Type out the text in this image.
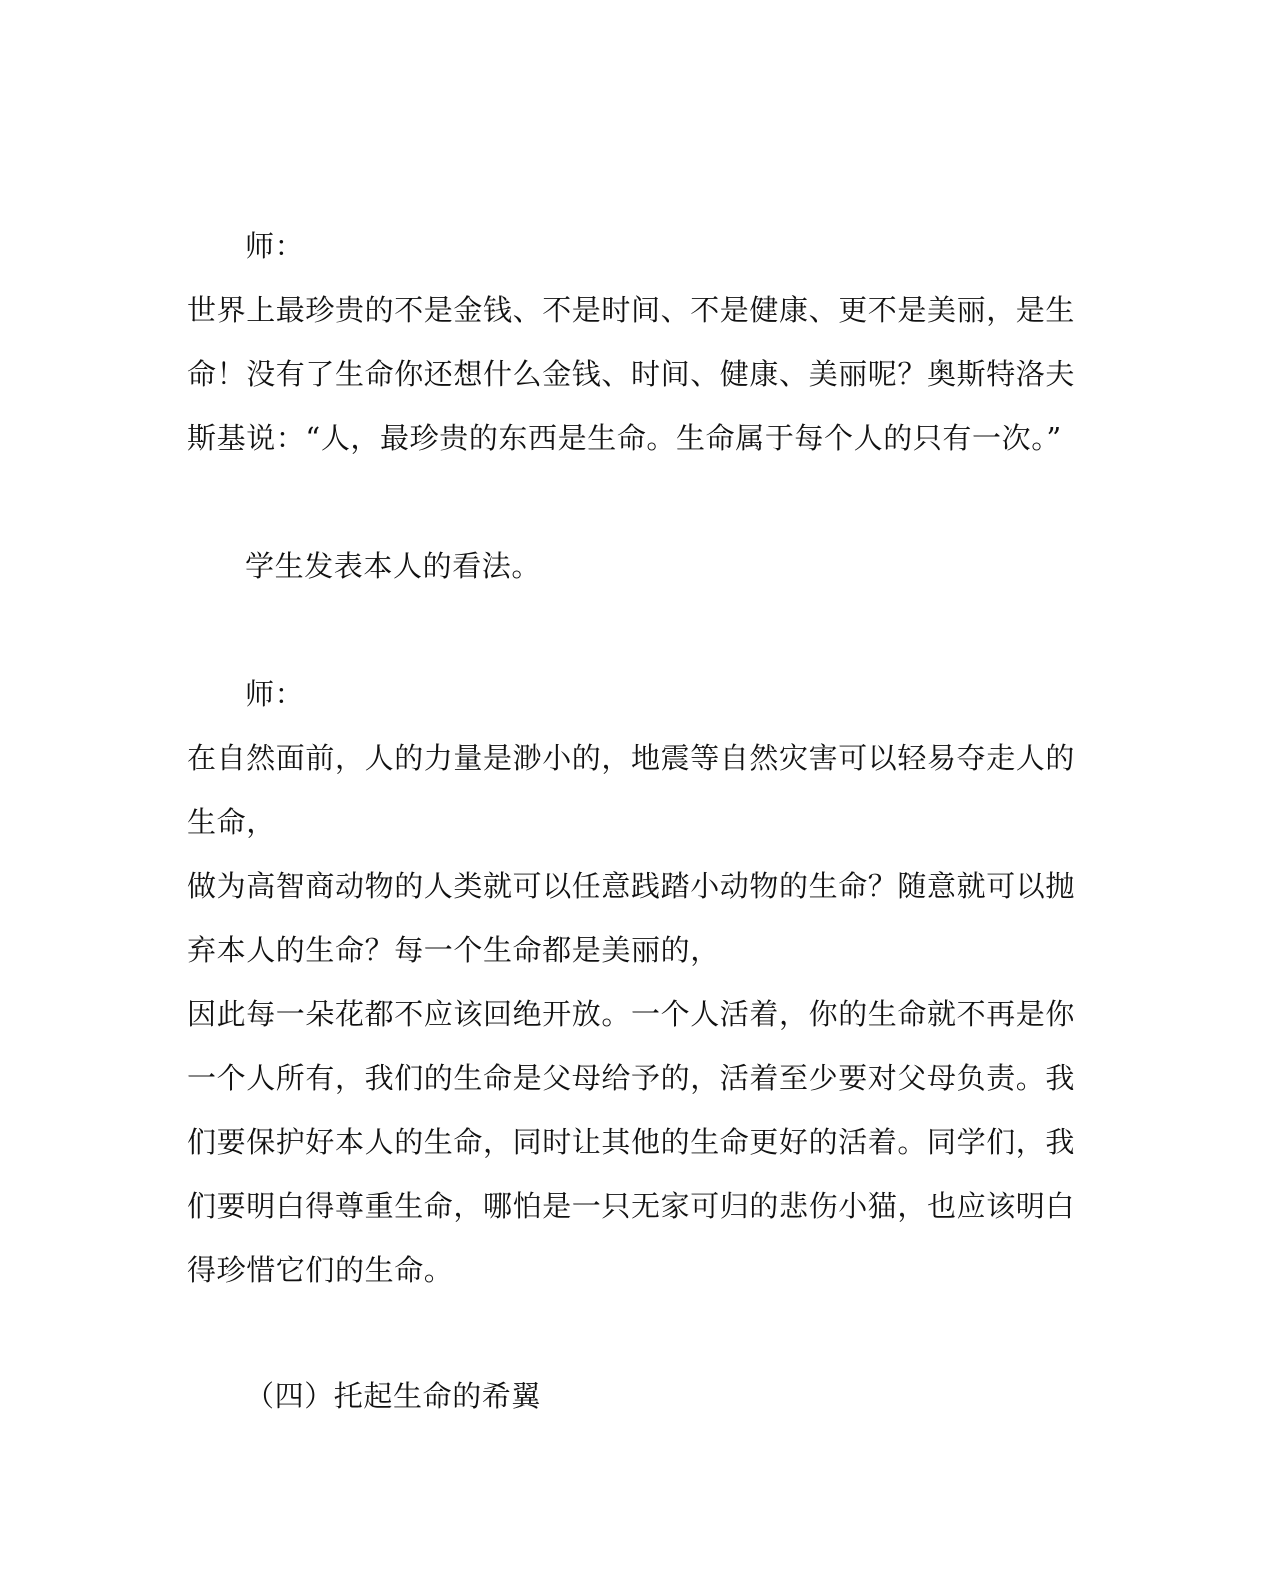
师：
世界上最珍贵的不是金钱、不是时间、不是健康、更不是美丽，是生
命！没有了生命你还想什么金钱、时间、健康、美丽呢？奥斯特洛夫
斯基说：“人，最珍贵的东西是生命。生命属于每个人的只有一次。”
学生发表本人的看法。
师：
在自然面前，人的力量是渺小的，地震等自然灾害可以轻易夺走人的
生命，
做为高智商动物的人类就可以任意践踏小动物的生命？随意就可以抛
弃本人的生命？每一个生命都是美丽的，
因此每一朵花都不应该回绝开放。一个人活着，你的生命就不再是你
一个人所有，我们的生命是父母给予的，活着至少要对父母负责。我
们要保护好本人的生命，同时让其他的生命更好的活着。同学们，我
们要明白得尊重生命，哪怕是一只无家可归的悲伤小猫，也应该明白
得珍惜它们的生命。
（四）托起生命的希翼
